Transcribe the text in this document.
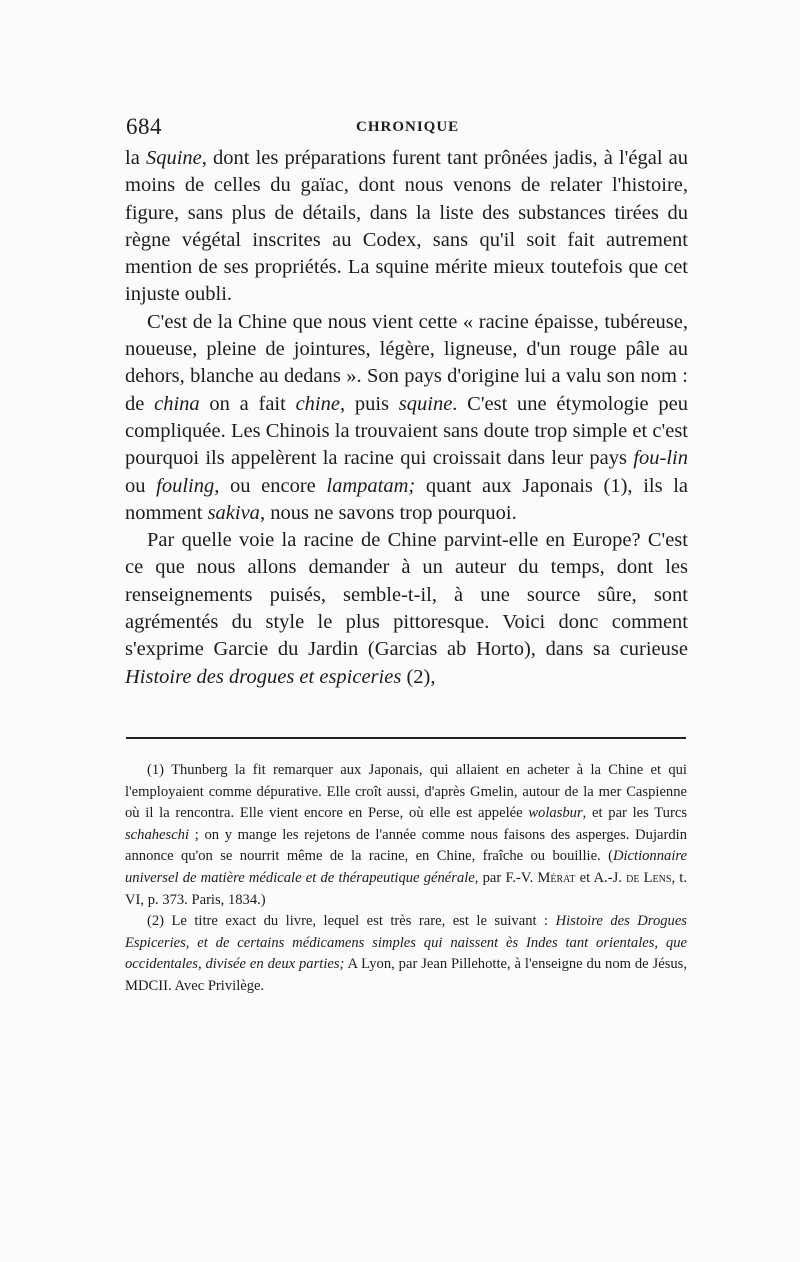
684	CHRONIQUE

la Squine, dont les préparations furent tant prônées jadis, à l'égal au moins de celles du gaïac, dont nous venons de relater l'histoire, figure, sans plus de détails, dans la liste des substances tirées du règne végétal inscrites au Codex, sans qu'il soit fait autrement mention de ses propriétés. La squine mérite mieux toutefois que cet injuste oubli.

C'est de la Chine que nous vient cette « racine épaisse, tubéreuse, noueuse, pleine de jointures, légère, ligneuse, d'un rouge pâle au dehors, blanche au dedans ». Son pays d'origine lui a valu son nom : de china on a fait chine, puis squine. C'est une étymologie peu compliquée. Les Chinois la trouvaient sans doute trop simple et c'est pourquoi ils appelèrent la racine qui croissait dans leur pays fou-lin ou fouling, ou encore lampatam; quant aux Japonais (1), ils la nomment sakiva, nous ne savons trop pourquoi.

Par quelle voie la racine de Chine parvint-elle en Europe? C'est ce que nous allons demander à un auteur du temps, dont les renseignements puisés, semble-t-il, à une source sûre, sont agrémentés du style le plus pittoresque. Voici donc comment s'exprime Garcie du Jardin (Garcias ab Horto), dans sa curieuse Histoire des drogues et espiceries (2),

(1) Thunberg la fit remarquer aux Japonais, qui allaient en acheter à la Chine et qui l'employaient comme dépurative. Elle croît aussi, d'après Gmelin, autour de la mer Caspienne où il la rencontra. Elle vient encore en Perse, où elle est appelée wolasbur, et par les Turcs schaheschi ; on y mange les rejetons de l'année comme nous faisons des asperges. Dujardin annonce qu'on se nourrit même de la racine, en Chine, fraîche ou bouillie. (Dictionnaire universel de matière médicale et de thérapeutique générale, par F.-V. Mérat et A.-J. de Lens, t. VI, p. 373. Paris, 1834.)

(2) Le titre exact du livre, lequel est très rare, est le suivant : Histoire des Drogues Espiceries, et de certains médicamens simples qui naissent ès Indes tant orientales, que occidentales, divisée en deux parties; A Lyon, par Jean Pillehotte, à l'enseigne du nom de Jésus, MDCII. Avec Privilège.
